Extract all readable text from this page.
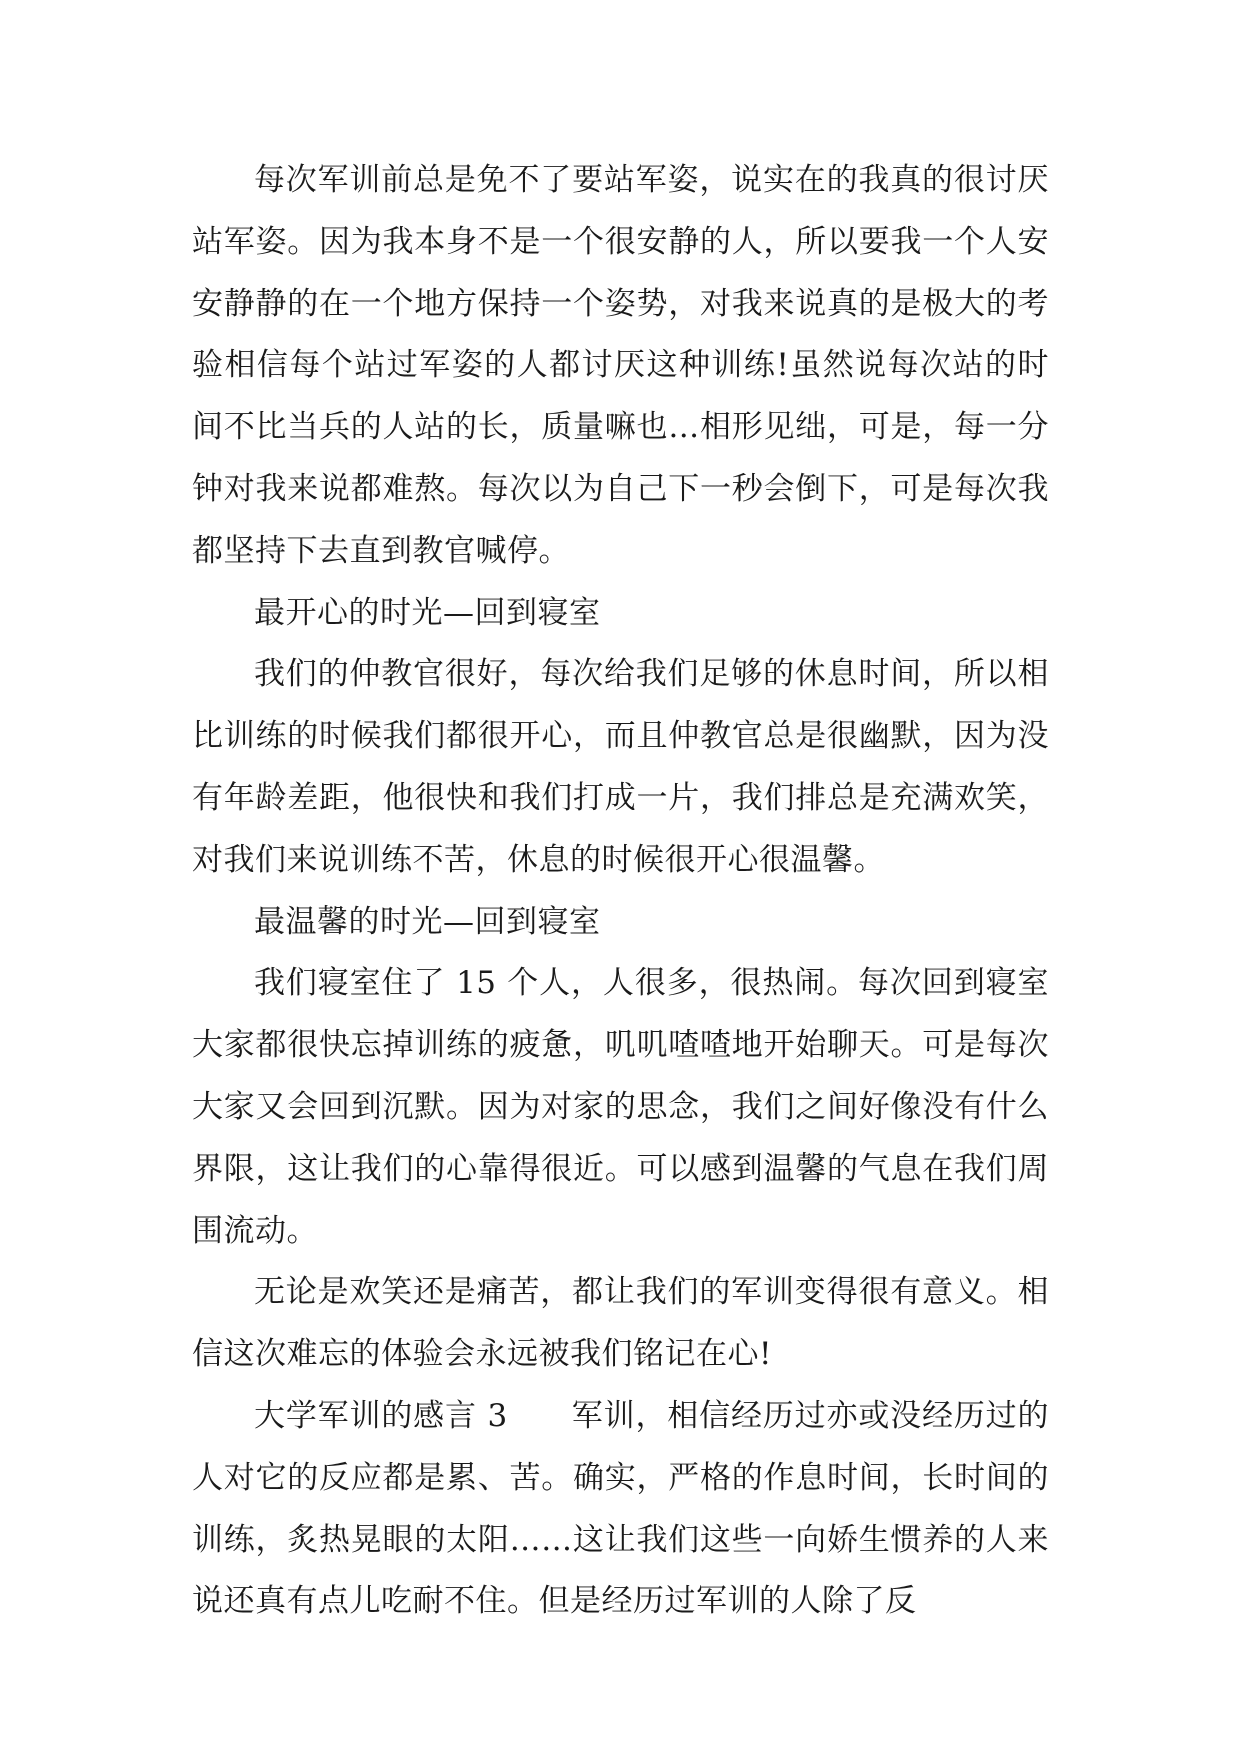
每次军训前总是免不了要站军姿，说实在的我真的很讨厌站军姿。因为我本身不是一个很安静的人，所以要我一个人安安静静的在一个地方保持一个姿势，对我来说真的是极大的考验相信每个站过军姿的人都讨厌这种训练!虽然说每次站的时间不比当兵的人站的长，质量嘛也…相形见绌，可是，每一分钟对我来说都难熬。每次以为自己下一秒会倒下，可是每次我都坚持下去直到教官喊停。

最开心的时光—回到寝室

我们的仲教官很好，每次给我们足够的休息时间，所以相比训练的时候我们都很开心，而且仲教官总是很幽默，因为没有年龄差距，他很快和我们打成一片，我们排总是充满欢笑，对我们来说训练不苦，休息的时候很开心很温馨。

最温馨的时光—回到寝室

我们寝室住了 15 个人，人很多，很热闹。每次回到寝室大家都很快忘掉训练的疲惫，叽叽喳喳地开始聊天。可是每次大家又会回到沉默。因为对家的思念，我们之间好像没有什么界限，这让我们的心靠得很近。可以感到温馨的气息在我们周围流动。

无论是欢笑还是痛苦，都让我们的军训变得很有意义。相信这次难忘的体验会永远被我们铭记在心!

大学军训的感言 3　　军训，相信经历过亦或没经历过的人对它的反应都是累、苦。确实，严格的作息时间，长时间的训练，炙热晃眼的太阳……这让我们这些一向娇生惯养的人来说还真有点儿吃耐不住。但是经历过军训的人除了反
